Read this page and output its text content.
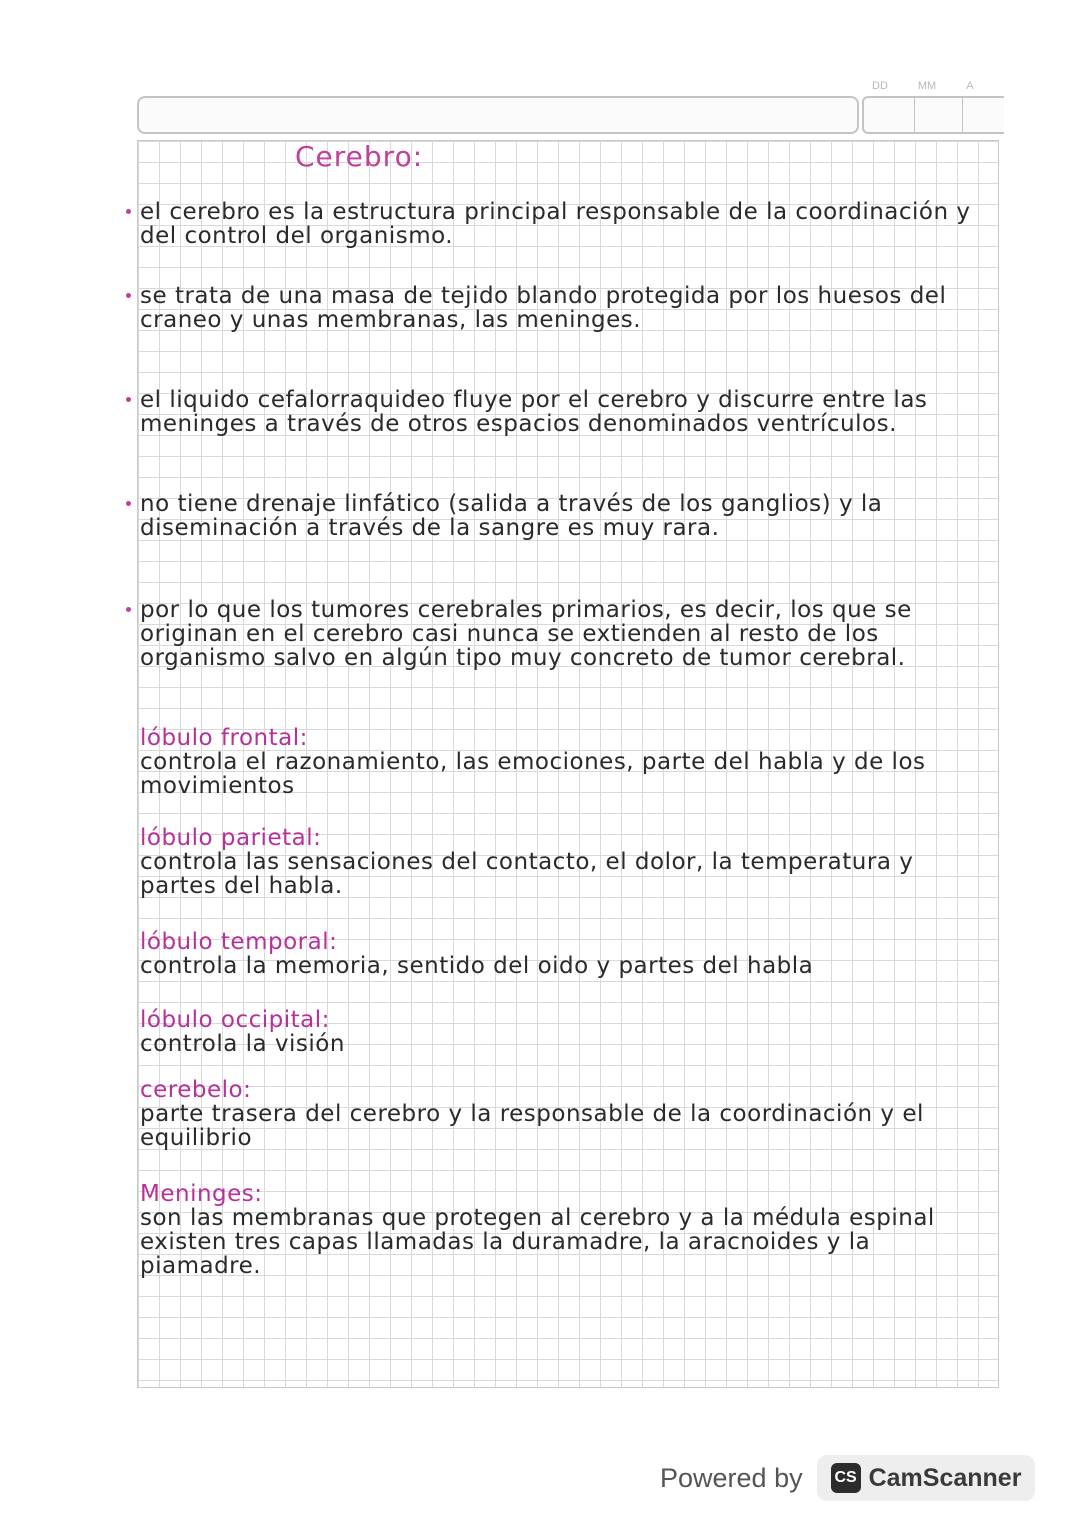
DD	MM	A
Cerebro:
el cerebro es la estructura principal responsable de la coordinación y del control del organismo.
se trata de una masa de tejido blando protegida por los huesos del craneo y unas membranas, las meninges.
el liquido cefalorraquideo fluye por el cerebro y discurre entre las meninges a través de otros espacios denominados ventrículos.
no tiene drenaje linfático (salida a través de los ganglios) y la diseminación a través de la sangre es muy rara.
por lo que los tumores cerebrales primarios, es decir, los que se originan en el cerebro casi nunca se extienden al resto de los organismo salvo en algún tipo muy concreto de tumor cerebral.
lóbulo frontal:
controla el razonamiento, las emociones, parte del habla y de los movimientos
lóbulo parietal:
controla las sensaciones del contacto, el dolor, la temperatura y partes del habla.
lóbulo temporal:
controla la memoria, sentido del oido y partes del habla
lóbulo occipital:
controla la visión
cerebelo:
parte trasera del cerebro y la responsable de la coordinación y el equilibrio
Meninges:
son las membranas que protegen al cerebro y a la médula espinal existen tres capas llamadas la duramadre, la aracnoides y la piamadre.
Powered by CS CamScanner
